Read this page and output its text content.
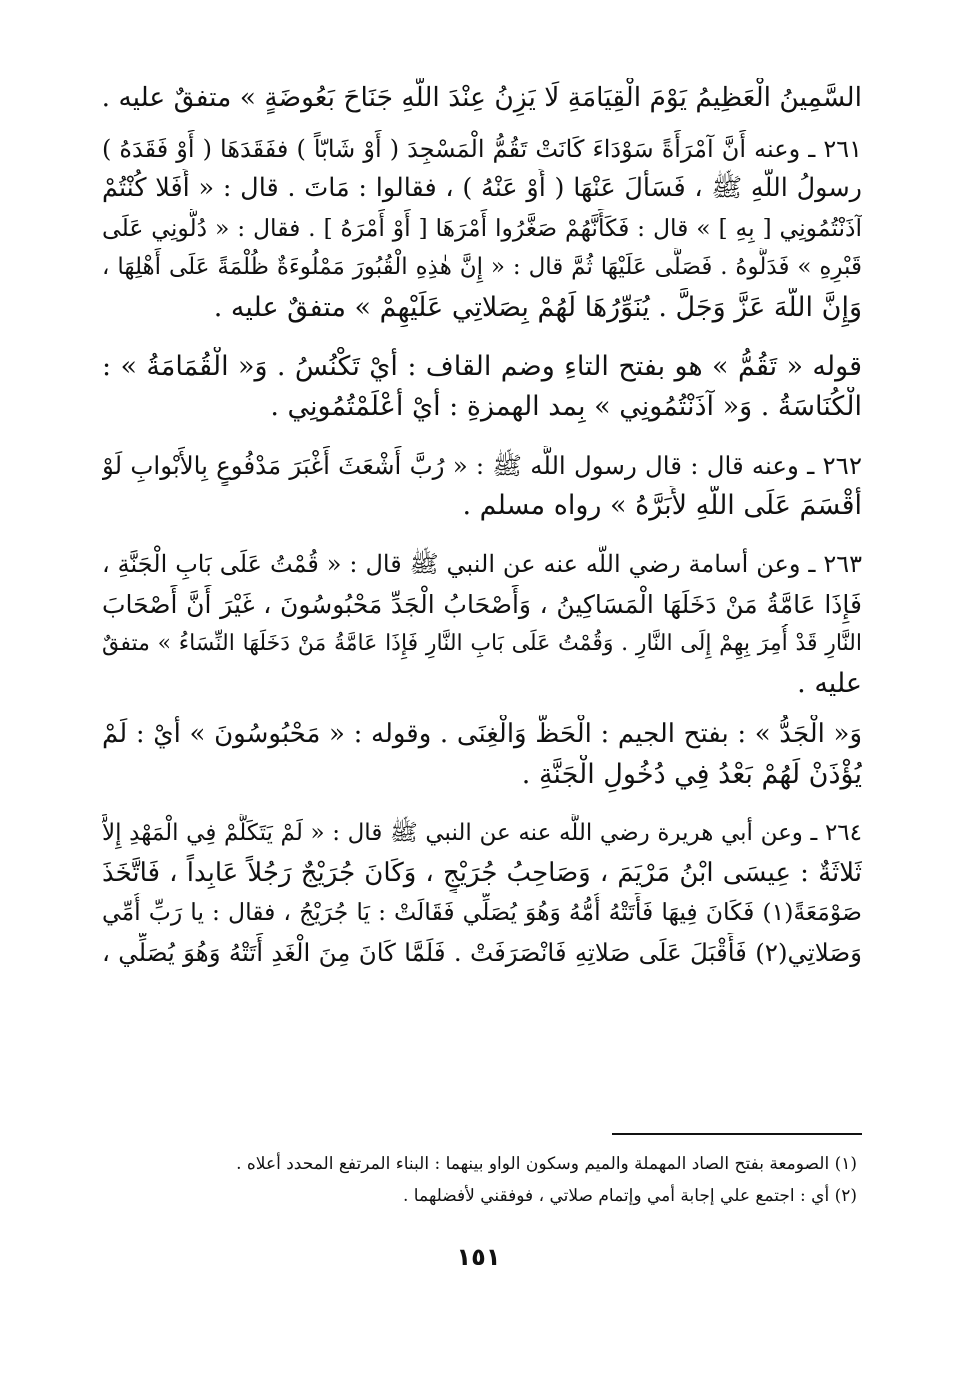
السَّمِينُ الْعَظِيمُ يَوْمَ الْقِيَامَةِ لَا يَزِنُ عِنْدَ اللَّهِ جَنَاحَ بَعُوضَةٍ » متفقٌ عليه .
٢٦١ ـ وعنه أَنَّ آمْرَأَةً سَوْدَاءَ كَانَتْ تَقُمُّ الْمَسْجِدَ ( أَوْ شَابّاً ) ففَقَدَهَا ( أَوْ فَقَدَهُ )
رسولُ اللَّهِ ﷺ ، فَسَأَلَ عَنْهَا ( أَوْ عَنْهُ ) ، فقالوا : مَاتَ . قال : « أَفَلا كُنْتُمْ
آذَنْتُمُونِي [ بِهِ ] » قال : فَكَأَنَّهُمْ صَغَّرُوا أَمْرَهَا [ أَوْ أَمْرَهُ ] . فقال : « دُلُّونِي عَلَى
قَبْرِهِ » فَدَلُّوهُ . فَصَلَّى عَلَيْهَا ثُمَّ قال : « إِنَّ هٰذِهِ الْقُبُورَ مَمْلُوءَةٌ ظُلْمَةً عَلَى أَهْلِهَا ،
وَإِنَّ اللَّهَ عَزَّ وَجَلَّ . يُنَوِّرُهَا لَهُمْ بِصَلاتِي عَلَيْهِمْ » متفقٌ عليه .
قوله « تَقُمُّ » هو بفتح التاءِ وضم القاف : أَيْ تَكْنُسُ . وَ« الْقُمَامَةُ » :
الْكُنَاسَةُ . وَ« آذَنْتُمُونِي » بِمد الهمزةِ : أَيْ أَعْلَمْتُمُونِي .
٢٦٢ ـ وعنه قال : قال رسول اللَّه ﷺ : « رُبَّ أَشْعَثَ أَغْبَرَ مَدْفُوعٍ بِالأَبْوابِ لَوْ
أَقْسَمَ عَلَى اللَّهِ لأَبَرَّهُ » رواه مسلم .
٢٦٣ ـ وعن أسامة رضي اللَّه عنه عن النبي ﷺ قال : « قُمْتُ عَلَى بَابِ الْجَنَّةِ ،
فَإِذَا عَامَّةُ مَنْ دَخَلَهَا الْمَسَاكِينُ ، وَأَصْحَابُ الْجَدِّ مَحْبُوسُونَ ، غَيْرَ أَنَّ أَصْحَابَ
النَّارِ قَدْ أُمِرَ بِهِمْ إِلَى النَّارِ . وَقُمْتُ عَلَى بَابِ النَّارِ فَإِذَا عَامَّةُ مَنْ دَخَلَهَا النِّسَاءُ » متفقٌ
عليه .
وَ« الْجَدُّ » : بفتح الجيم : الْحَظُّ وَالْغِنَى . وقوله : « مَحْبُوسُونَ » أَيْ : لَمْ
يُؤْذَنْ لَهُمْ بَعْدُ فِي دُخُولِ الْجَنَّةِ .
٢٦٤ ـ وعن أبي هريرة رضي اللَّه عنه عن النبي ﷺ قال : « لَمْ يَتَكَلَّمْ فِي الْمَهْدِ إِلاَّ
ثَلاثَةٌ : عِيسَى ابْنُ مَرْيَمَ ، وَصَاحِبُ جُرَيْجٍ ، وَكَانَ جُرَيْجٌ رَجُلاً عَابِداً ، فَاتَّخَذَ
صَوْمَعَةً(١) فَكَانَ فِيهَا فَأَتَتْهُ أُمُّهُ وَهُوَ يُصَلِّي فَقَالَتْ : يَا جُرَيْجُ ، فقال : يا رَبِّ أُمِّي
وَصَلاتِي(٢) فَأَقْبَلَ عَلَى صَلاتِهِ فَانْصَرَفَتْ . فَلَمَّا كَانَ مِنَ الْغَدِ أَتَتْهُ وَهُوَ يُصَلِّي ،
(١) الصومعة بفتح الصاد المهملة والميم وسكون الواو بينهما : البناء المرتفع المحدد أعلاه .
(٢) أي : اجتمع علي إجابة أمي وإتمام صلاتي ، فوفقني لأفضلهما .
١٥١
